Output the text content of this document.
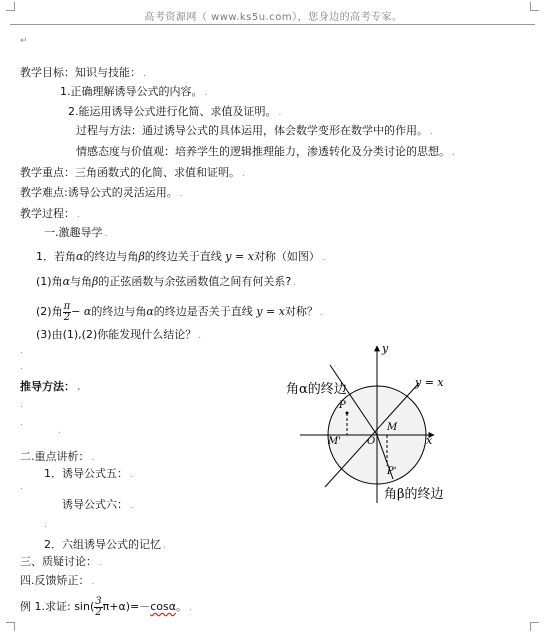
高考资源网（ www.ks5u.com），您身边的高考专家。
↵
教学目标：知识与技能： .
1.正确理解诱导公式的内容。 .
2.能运用诱导公式进行化简、求值及证明。 .
过程与方法：通过诱导公式的具体运用，体会数学变形在数学中的作用。 .
情感态度与价值观：培养学生的逻辑推理能力，渗透转化及分类讨论的思想。 .
教学重点：三角函数式的化简、求值和证明。 .
教学难点:诱导公式的灵活运用。 .
教学过程： .
一.激趣导学 .
1．若角α的终边与角β的终边关于直线 y = x对称（如图） .
(1)角α与角β的正弦函数与余弦函数值之间有何关系? .
(2)角 $\frac{\pi}{2} - \alpha$的终边与角α的终边是否关于直线 y = x对称？ .
(3)由(1),(2)你能发现什么结论？ .
.
.
推导方法： .
.
.
.
二.重点讲析： .
1．诱导公式五： .
.
诱导公式六： .
.
2．六组诱导公式的记忆 .
三、质疑讨论： .
四.反馈矫正： .
例 1.求证: $\sin( \frac{3}{2} \pi+\alpha)=-\cos\alpha$。 .
y
x
y = x
角α的终边
角β的终边
P
P'
M
M'	O
